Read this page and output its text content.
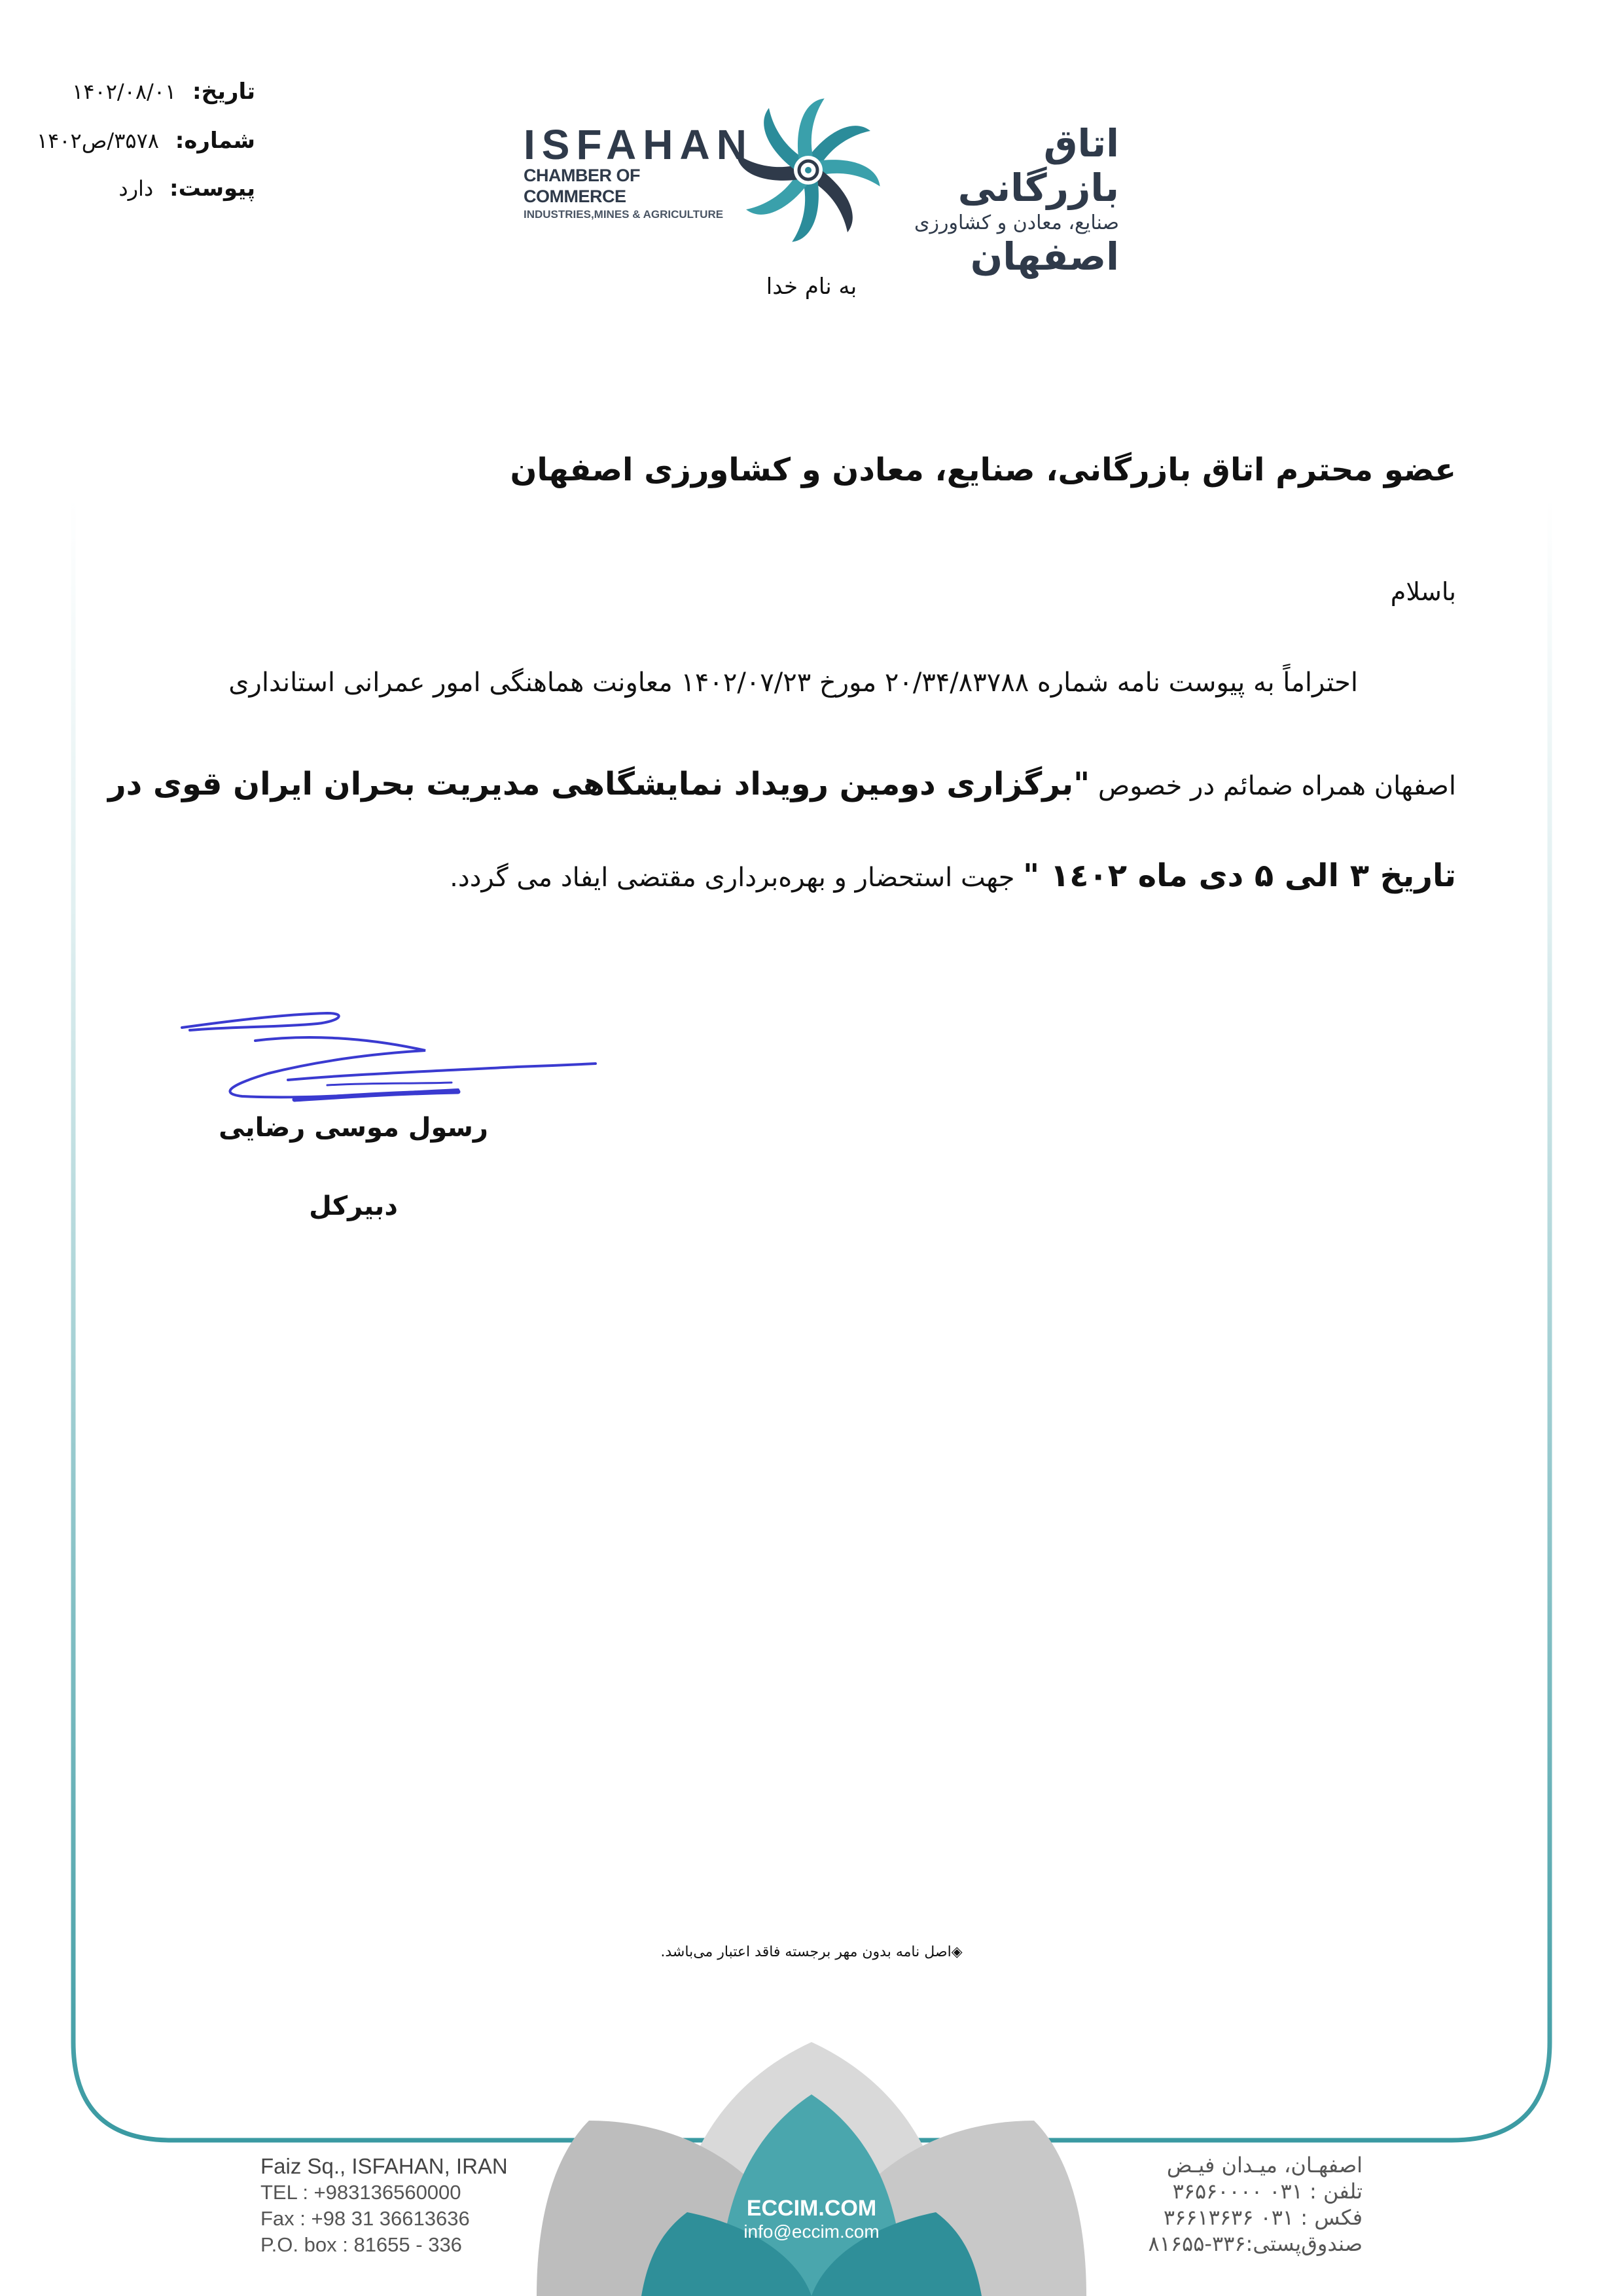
تاریخ: ۱۴۰۲/۰۸/۰۱
شماره: ۳۵۷۸/ص۱۴۰۲
پیوست: دارد
ISFAHAN
CHAMBER OF COMMERCE
INDUSTRIES,MINES & AGRICULTURE
اتاق بازرگانی
صنایع، معادن و کشاورزی
اصفهان
به نام خدا
عضو محترم اتاق بازرگانی، صنایع، معادن و کشاورزی اصفهان
باسلام
احتراماً به پیوست نامه شماره ۲۰/۳۴/۸۳۷۸۸ مورخ ۱۴۰۲/۰۷/۲۳ معاونت هماهنگی امور عمرانی استانداری
اصفهان همراه ضمائم در خصوص "برگزاری دومین رویداد نمایشگاهی مدیریت بحران ایران قوی در
تاریخ ۳ الی ۵ دی ماه ۱٤۰۲ " جهت استحضار و بهره‌برداری مقتضی ایفاد می گردد.
رسول موسی رضایی
دبیرکل
◈اصل نامه بدون مهر برجسته فاقد اعتبار می‌باشد.
Faiz Sq., ISFAHAN, IRAN
TEL : +983136560000
Fax : +98 31 36613636
P.O. box : 81655 - 336
ECCIM.COM
info@eccim.com
اصفهـان، میـدان فیـض
تلفن : ۰۳۱ ۳۶۵۶۰۰۰۰
فکس : ۰۳۱ ۳۶۶۱۳۶۳۶
صندوق‌پستی:۳۳۶-۸۱۶۵۵
